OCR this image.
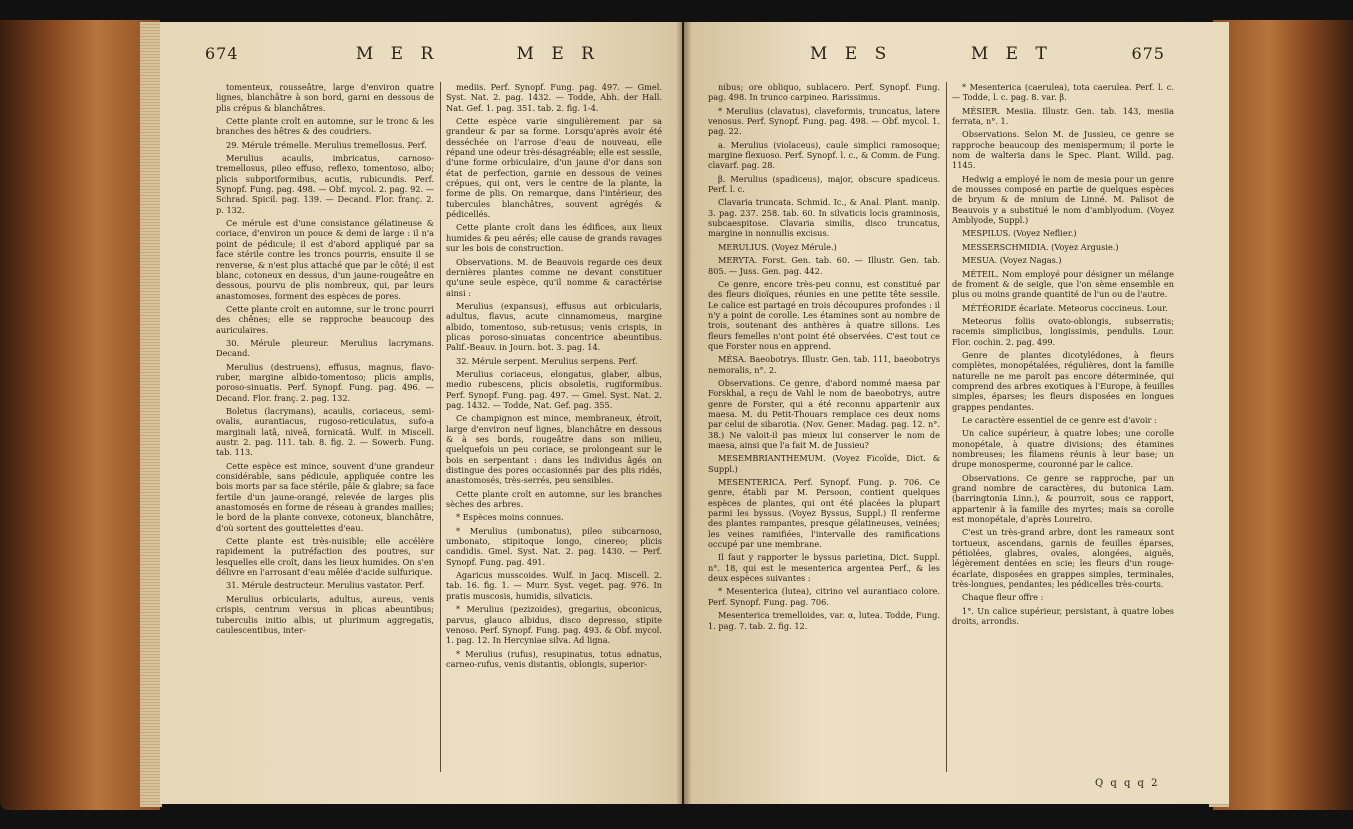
674	M E R	M E R	M E S	M E T	675

tomenteux, rousseâtre, large d'environ quatre lignes, blanchâtre à son bord, garni en dessous de plis crépus & blanchâtres.

Cette plante croît en automne, sur le tronc & les branches des hêtres & des coudriers.

29. Mérule trémelle. Merulius tremellosus. Perf.

Merulius acaulis, imbricatus, carnoso-tremellosus, pileo effuso, reflexo, tomentoso, albo; plicis subporiformibus, acutis, rubicundis. Perf. Synopf. Fung. pag. 498. — Obf. mycol. 2. pag. 92. — Schrad. Spicil. pag. 139. — Decand. Flor. franç. 2. p. 132.

Ce mérule est d'une consistance gélatineuse & coriace, d'environ un pouce & demi de large : il n'a point de pédicule; il est d'abord appliqué par sa face stérile contre les troncs pourris, ensuite il se renverse, & n'est plus attaché que par le côté; il est blanc, cotoneux en dessus, d'un jaune-rougeâtre en dessous, pourvu de plis nombreux, qui, par leurs anastomoses, forment des espèces de pores.

Cette plante croît en automne, sur le tronc pourri des chênes; elle se rapproche beaucoup des auriculaires.

30. Mérule pleureur. Merulius lacrymans. Decand.

Merulius (destruens), effusus, magnus, flavo-ruber, margine albido-tomentoso; plicis amplis, poroso-sinuatis. Perf. Synopf. Fung. pag. 496. — Decand. Flor. franç. 2. pag. 132.

Boletus (lacrymans), acaulis, coriaceus, semi-ovalis, aurantiacus, rugoso-reticulatus, sufo-a marginali latâ, niveâ, fornicatâ. Wulf. in Miscell. austr. 2. pag. 111. tab. 8. fig. 2. — Sowerb. Fung. tab. 113.

Cette espèce est mince, souvent d'une grandeur considérable, sans pédicule, appliquée contre les bois morts par sa face stérile, pâle & glabre; sa face fertile d'un jaune-orangé, relevée de larges plis anastomosés en forme de réseau à grandes mailles; le bord de la plante convexe, cotoneux, blanchâtre, d'où sortent des gouttelettes d'eau.

Cette plante est très-nuisible; elle accélère rapidement la putréfaction des poutres, sur lesquelles elle croît, dans les lieux humides. On s'en délivre en l'arrosant d'eau mêlée d'acide sulfurique.

31. Mérule destructeur. Merulius vastator. Perf.

Merulius orbicularis, adultus, aureus, venis crispis, centrum versus in plicas abeuntibus; tuberculis initio albis, ut plurimum aggregatis, caulescentibus, inter-

mediis. Perf. Synopf. Fung. pag. 497. — Gmel. Syst. Nat. 2. pag. 1432. — Todde, Abh. der Hall. Nat. Gef. 1. pag. 351. tab. 2. fig. 1-4.

Cette espèce varie singulièrement par sa grandeur & par sa forme. Lorsqu'après avoir été desséchée on l'arrose d'eau de nouveau, elle répand une odeur très-désagréable; elle est sessile, d'une forme orbiculaire, d'un jaune d'or dans son état de perfection, garnie en dessous de veines crépues, qui ont, vers le centre de la plante, la forme de plis. On remarque, dans l'intérieur, des tubercules blanchâtres, souvent agrégés & pédicellés.

Cette plante croît dans les édifices, aux lieux humides & peu aérés; elle cause de grands ravages sur les bois de construction.

Observations. M. de Beauvois regarde ces deux dernières plantes comme ne devant constituer qu'une seule espèce, qu'il nomme & caractérise ainsi :

Merulius (expansus), effusus aut orbicularis, adultus, flavus, acute cinnamomeus, margine albido, tomentoso, sub-retusus; venis crispis, in plicas poroso-sinuatas concentrice abeuntibus. Palif.-Beauv. in Journ. bot. 3. pag. 14.

32. Mérule serpent. Merulius serpens. Perf.

Merulius coriaceus, elongatus, glaber, albus, medio rubescens, plicis obsoletis, rugiformibus. Perf. Synopf. Fung. pag. 497. — Gmel. Syst. Nat. 2. pag. 1432. — Todde, Nat. Gef. pag. 355.

Ce champignon est mince, membraneux, étroit, large d'environ neuf lignes, blanchâtre en dessous & à ses bords, rougeâtre dans son milieu, quelquefois un peu coriace, se prolongeant sur le bois en serpentant : dans les individus âgés on distingue des pores occasionnés par des plis ridés, anastomosés, très-serrés, peu sensibles.

Cette plante croît en automne, sur les branches sèches des arbres.

* Espèces moins connues.

* Merulius (umbonatus), pileo subcarnoso, umbonato, stipitoque longo, cinereo; plicis candidis. Gmel. Syst. Nat. 2. pag. 1430. — Perf. Synopf. Fung. pag. 491.

Agaricus musscoides. Wulf. in Jacq. Miscell. 2. tab. 16. fig. 1. — Murr. Syst. veget. pag. 976. In pratis muscosis, humidis, silvaticis.

* Merulius (pezizoides), gregarius, obconicus, parvus, glauco albidus, disco depresso, stipite venoso. Perf. Synopf. Fung. pag. 493. & Obf. mycol. 1. pag. 12. In Hercyniae silva. Ad ligna.

* Merulius (rufus), resupinatus, totus adnatus, carneo-rufus, venis distantis, oblongis, superior-

nibus; ore obliquo, sublacero. Perf. Synopf. Fung. pag. 498. In trunco carpineo. Rarissimus.

* Merulius (clavatus), claveformis, truncatus, latere venosus. Perf. Synopf. Fung. pag. 498. — Obf. mycol. 1. pag. 22.

a. Merulius (violaceus), caule simplici ramosoque; margine flexuoso. Perf. Synopf. l. c., & Comm. de Fung. clavarf. pag. 28.

β. Merulius (spadiceus), major, obscure spadiceus. Perf. l. c.

Clavaria truncata. Schmid. Ic., & Anal. Plant. manip. 3. pag. 237. 258. tab. 60. In silvaticis locis graminosis, subcaespitose. Clavaria similis, disco truncatus, margine in nonnullis excisus.

MERULIUS. (Voyez Mérule.)

MERYTA. Forst. Gen. tab. 60. — Illustr. Gen. tab. 805. — Juss. Gen. pag. 442.

Ce genre, encore très-peu connu, est constitué par des fleurs dioïques, réunies en une petite tête sessile. Le calice est partagé en trois découpures profondes : il n'y a point de corolle. Les étamines sont au nombre de trois, soutenant des anthères à quatre sillons. Les fleurs femelles n'ont point été observées. C'est tout ce que Forster nous en apprend.

MÉSA. Baeobotrys. Illustr. Gen. tab. 111, baeobotrys nemoralis, n°. 2.

Observations. Ce genre, d'abord nommé maesa par Forskhal, a reçu de Vahl le nom de baeobotrys, autre genre de Forster, qui a été reconnu appartenir aux maesa. M. du Petit-Thouars remplace ces deux noms par celui de sibarotia. (Nov. Gener. Madag. pag. 12. n°. 38.) Ne valoit-il pas mieux lui conserver le nom de maesa, ainsi que l'a fait M. de Jussieu?

MESEMBRIANTHEMUM. (Voyez Ficoïde, Dict. & Suppl.)

MESENTERICA. Perf. Synopf. Fung. p. 706. Ce genre, établi par M. Persoon, contient quelques espèces de plantes, qui ont été placées la plupart parmi les byssus. (Voyez Byssus, Suppl.) Il renferme des plantes rampantes, presque gélatineuses, veinées; les veines ramifiées, l'intervalle des ramifications occupé par une membrane.

Il faut y rapporter le byssus parietina, Dict. Suppl. n°. 18, qui est le mesenterica argentea Perf., & les deux espèces suivantes :

* Mesenterica (lutea), citrino vel aurantiaco colore. Perf. Synopf. Fung. pag. 706.

Mesenterica tremelloides, var. α, lutea. Todde, Fung. 1. pag. 7. tab. 2. fig. 12.

* Mesenterica (caerulea), tota caerulea. Perf. l. c. — Todde, l. c. pag. 8. var. β.

MÉSIER. Mesiia. Illustr. Gen. tab. 143, mesiia ferrata, n°. 1.

Observations. Selon M. de Jussieu, ce genre se rapproche beaucoup des menispermum; il porte le nom de walteria dans le Spec. Plant. Willd. pag. 1145.

Hedwig a employé le nom de mesia pour un genre de mousses composé en partie de quelques espèces de bryum & de mnium de Linné. M. Palisot de Beauvois y a substitué le nom d'amblyodum. (Voyez Amblyode, Suppl.)

MESPILUS. (Voyez Neflier.)

MESSERSCHMIDIA. (Voyez Argusie.)

MESUA. (Voyez Nagas.)

MÉTEIL. Nom employé pour désigner un mélange de froment & de seigle, que l'on sème ensemble en plus ou moins grande quantité de l'un ou de l'autre.

MÉTÉORIDE écarlate. Meteorus coccineus. Lour.

Meteorus foliis ovato-oblongis, subserratis; racemis simplicibus, longissimis, pendulis. Lour. Flor. cochin. 2. pag. 499.

Genre de plantes dicotylédones, à fleurs complètes, monopétalées, régulières, dont la famille naturelle ne me paroît pas encore déterminée, qui comprend des arbres exotiques à l'Europe, à feuilles simples, éparses; les fleurs disposées en longues grappes pendantes.

Le caractère essentiel de ce genre est d'avoir :

Un calice supérieur, à quatre lobes; une corolle monopétale, à quatre divisions; des étamines nombreuses; les filamens réunis à leur base; un drupe monosperme, couronné par le calice.

Observations. Ce genre se rapproche, par un grand nombre de caractères, du butonica Lam. (barringtonia Linn.), & pourroit, sous ce rapport, appartenir à la famille des myrtes; mais sa corolle est monopétale, d'après Loureiro.

C'est un très-grand arbre, dont les rameaux sont tortueux, ascendans, garnis de feuilles éparses, pétiolées, glabres, ovales, alongées, aiguës, légèrement dentées en scie; les fleurs d'un rouge-écarlate, disposées en grappes simples, terminales, très-longues, pendantes; les pédicelles très-courts.

Chaque fleur offre :

1°. Un calice supérieur, persistant, à quatre lobes droits, arrondis.

Q q q q 2
